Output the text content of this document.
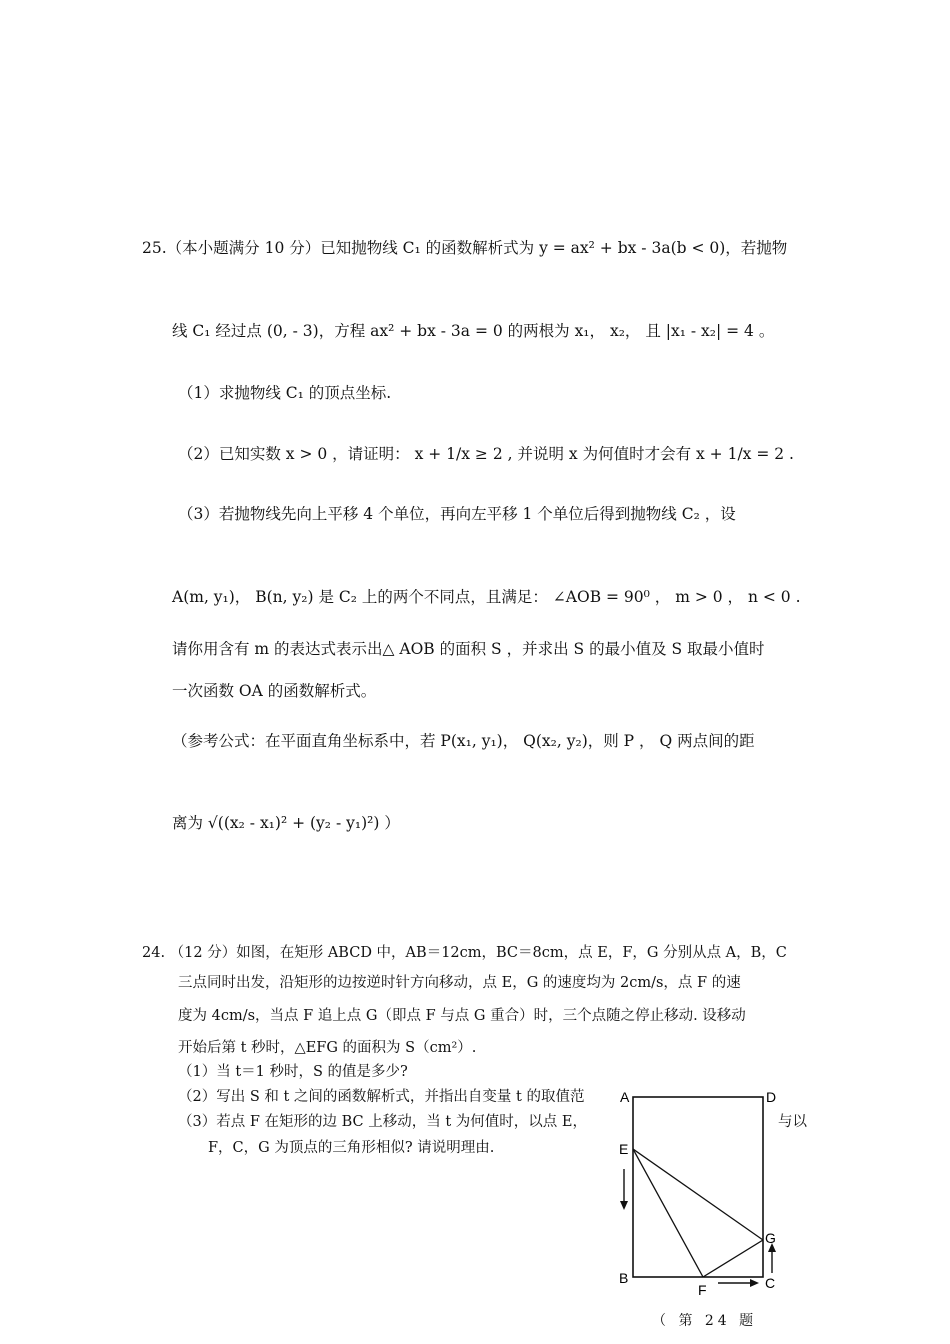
25.（本小题满分 10 分）已知抛物线 C₁ 的函数解析式为 y = ax² + bx - 3a(b < 0)，若抛物
线 C₁ 经过点 (0, - 3)，方程 ax² + bx - 3a = 0 的两根为 x₁， x₂， 且 |x₁ - x₂| = 4 。
（1）求抛物线 C₁ 的顶点坐标.
（2）已知实数 x > 0 ，请证明： x + 1/x ≥ 2 , 并说明 x 为何值时才会有 x + 1/x = 2 .
（3）若抛物线先向上平移 4 个单位，再向左平移 1 个单位后得到抛物线 C₂ ，设
A(m, y₁)， B(n, y₂) 是 C₂ 上的两个不同点，且满足： ∠AOB = 90⁰ ， m > 0 ， n < 0 .
请你用含有 m 的表达式表示出△ AOB 的面积 S ，并求出 S 的最小值及 S 取最小值时
一次函数 OA 的函数解析式。
（参考公式：在平面直角坐标系中，若 P(x₁, y₁)， Q(x₂, y₂)，则 P ， Q 两点间的距
离为 √((x₂ - x₁)² + (y₂ - y₁)²) ）
24. （12 分）如图，在矩形 ABCD 中，AB＝12cm，BC＝8cm，点 E，F，G 分别从点 A，B，C
三点同时出发，沿矩形的边按逆时针方向移动，点 E，G 的速度均为 2cm/s，点 F 的速
度为 4cm/s，当点 F 追上点 G（即点 F 与点 G 重合）时，三个点随之停止移动. 设移动
开始后第 t 秒时，△EFG 的面积为 S（cm²）.
（1）当 t＝1 秒时，S 的值是多少?
（2）写出 S 和 t 之间的函数解析式，并指出自变量 t 的取值范
（3）若点 F 在矩形的边 BC 上移动，当 t 为何值时，以点 E，	与以
F，C，G 为顶点的三角形相似? 请说明理由.
A	D
E
B
F
G
C
（ 第 24 题
